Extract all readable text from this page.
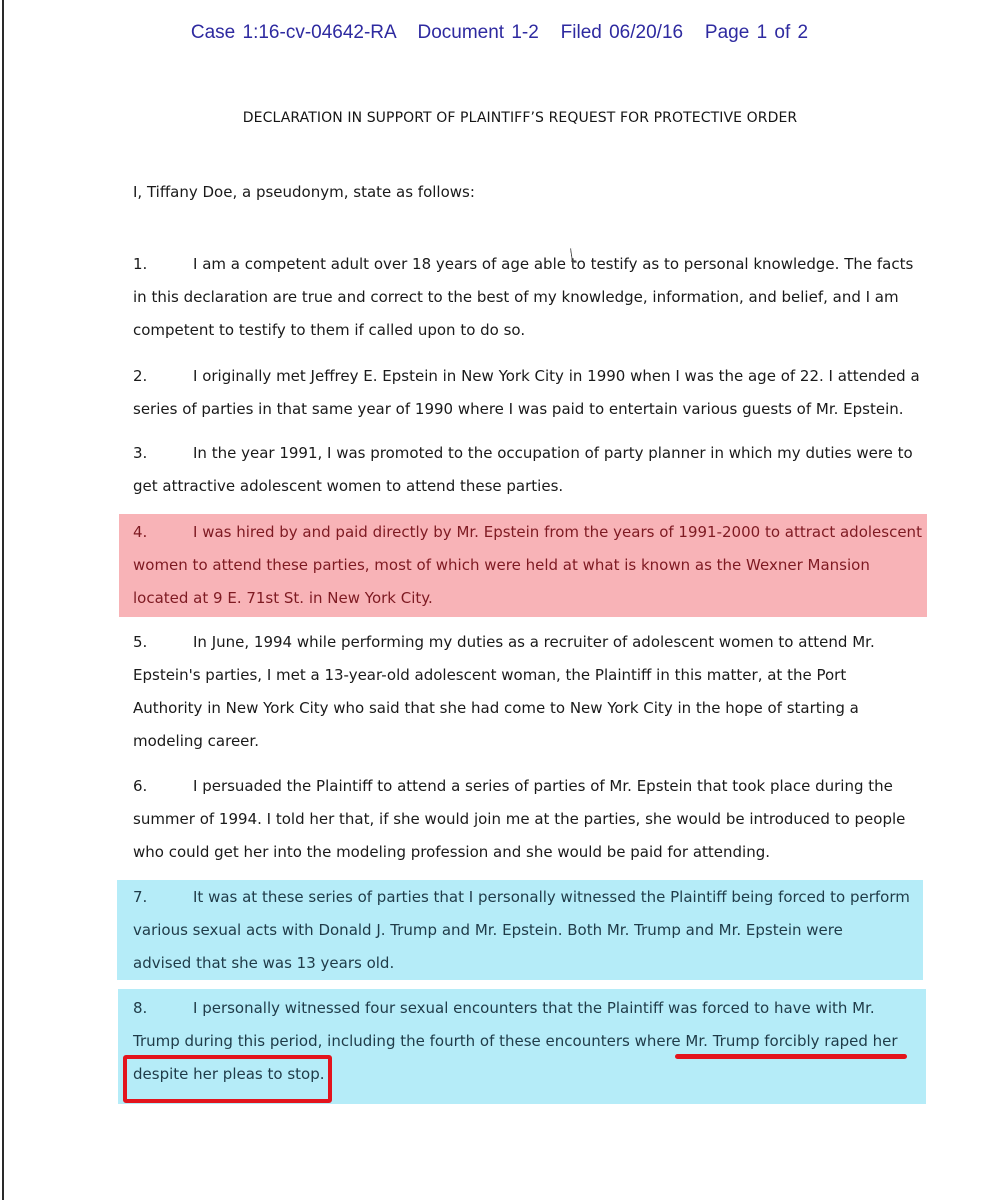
Case 1:16-cv-04642-RA   Document 1-2   Filed 06/20/16   Page 1 of 2
DECLARATION IN SUPPORT OF PLAINTIFF’S REQUEST FOR PROTECTIVE ORDER
I, Tiffany Doe, a pseudonym, state as follows:
1.	I am a competent adult over 18 years of age able to testify as to personal knowledge. The facts
in this declaration are true and correct to the best of my knowledge, information, and belief, and I am
competent to testify to them if called upon to do so.
2.	I originally met Jeffrey E. Epstein in New York City in 1990 when I was the age of 22. I attended a
series of parties in that same year of 1990 where I was paid to entertain various guests of Mr. Epstein.
3.	In the year 1991, I was promoted to the occupation of party planner in which my duties were to
get attractive adolescent women to attend these parties.
4.	I was hired by and paid directly by Mr. Epstein from the years of 1991-2000 to attract adolescent
women to attend these parties, most of which were held at what is known as the Wexner Mansion
located at 9 E. 71st St. in New York City.
5.	In June, 1994 while performing my duties as a recruiter of adolescent women to attend Mr.
Epstein's parties, I met a 13-year-old adolescent woman, the Plaintiff in this matter, at the Port
Authority in New York City who said that she had come to New York City in the hope of starting a
modeling career.
6.	I persuaded the Plaintiff to attend a series of parties of Mr. Epstein that took place during the
summer of 1994. I told her that, if she would join me at the parties, she would be introduced to people
who could get her into the modeling profession and she would be paid for attending.
7.	It was at these series of parties that I personally witnessed the Plaintiff being forced to perform
various sexual acts with Donald J. Trump and Mr. Epstein. Both Mr. Trump and Mr. Epstein were
advised that she was 13 years old.
8.	I personally witnessed four sexual encounters that the Plaintiff was forced to have with Mr.
Trump during this period, including the fourth of these encounters where Mr. Trump forcibly raped her
despite her pleas to stop.
